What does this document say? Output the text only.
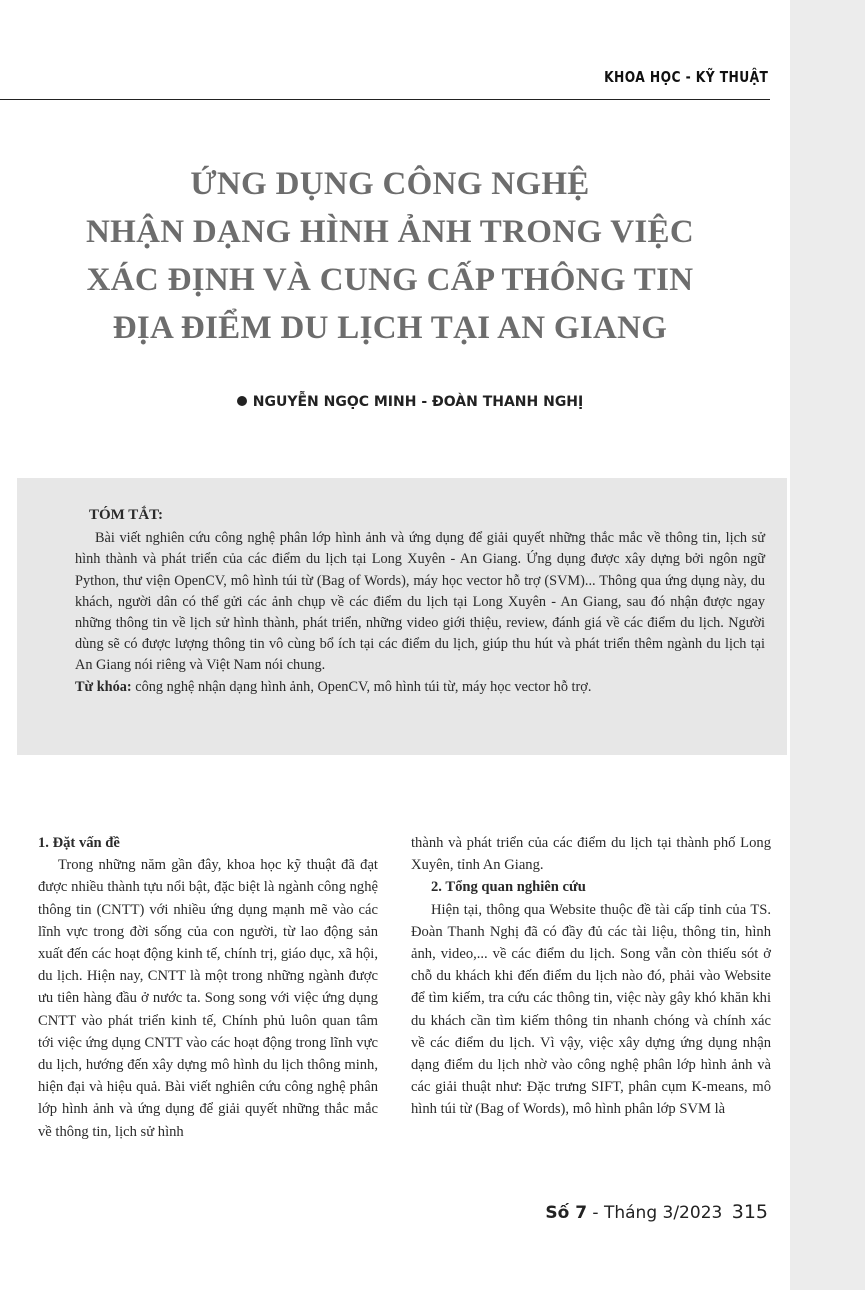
KHOA HỌC - KỸ THUẬT
ỨNG DỤNG CÔNG NGHỆ
NHẬN DẠNG HÌNH ẢNH TRONG VIỆC
XÁC ĐỊNH VÀ CUNG CẤP THÔNG TIN
ĐỊA ĐIỂM DU LỊCH TẠI AN GIANG
NGUYỄN NGỌC MINH - ĐOÀN THANH NGHỊ
TÓM TẮT:

Bài viết nghiên cứu công nghệ phân lớp hình ảnh và ứng dụng để giải quyết những thắc mắc về thông tin, lịch sử hình thành và phát triển của các điểm du lịch tại Long Xuyên - An Giang. Ứng dụng được xây dựng bởi ngôn ngữ Python, thư viện OpenCV, mô hình túi từ (Bag of Words), máy học vector hỗ trợ (SVM)... Thông qua ứng dụng này, du khách, người dân có thể gửi các ảnh chụp về các điểm du lịch tại Long Xuyên - An Giang, sau đó nhận được ngay những thông tin về lịch sử hình thành, phát triển, những video giới thiệu, review, đánh giá về các điểm du lịch. Người dùng sẽ có được lượng thông tin vô cùng bổ ích tại các điểm du lịch, giúp thu hút và phát triển thêm ngành du lịch tại An Giang nói riêng và Việt Nam nói chung.

Từ khóa: công nghệ nhận dạng hình ảnh, OpenCV, mô hình túi từ, máy học vector hỗ trợ.

1. Đặt vấn đề

Trong những năm gần đây, khoa học kỹ thuật đã đạt được nhiều thành tựu nổi bật, đặc biệt là ngành công nghệ thông tin (CNTT) với nhiều ứng dụng mạnh mẽ vào các lĩnh vực trong đời sống của con người, từ lao động sản xuất đến các hoạt động kinh tế, chính trị, giáo dục, xã hội, du lịch. Hiện nay, CNTT là một trong những ngành được ưu tiên hàng đầu ở nước ta. Song song với việc ứng dụng CNTT vào phát triển kinh tế, Chính phủ luôn quan tâm tới việc ứng dụng CNTT vào các hoạt động trong lĩnh vực du lịch, hướng đến xây dựng mô hình du lịch thông minh, hiện đại và hiệu quả. Bài viết nghiên cứu công nghệ phân lớp hình ảnh và ứng dụng để giải quyết những thắc mắc về thông tin, lịch sử hình

thành và phát triển của các điểm du lịch tại thành phố Long Xuyên, tỉnh An Giang.

2. Tổng quan nghiên cứu

Hiện tại, thông qua Website thuộc đề tài cấp tỉnh của TS. Đoàn Thanh Nghị đã có đầy đủ các tài liệu, thông tin, hình ảnh, video,... về các điểm du lịch. Song vẫn còn thiếu sót ở chỗ du khách khi đến điểm du lịch nào đó, phải vào Website để tìm kiếm, tra cứu các thông tin, việc này gây khó khăn khi du khách cần tìm kiếm thông tin nhanh chóng và chính xác về các điểm du lịch. Vì vậy, việc xây dựng ứng dụng nhận dạng điểm du lịch nhờ vào công nghệ phân lớp hình ảnh và các giải thuật như: Đặc trưng SIFT, phân cụm K-means, mô hình túi từ (Bag of Words), mô hình phân lớp SVM là

Số 7 - Tháng 3/2023 315
